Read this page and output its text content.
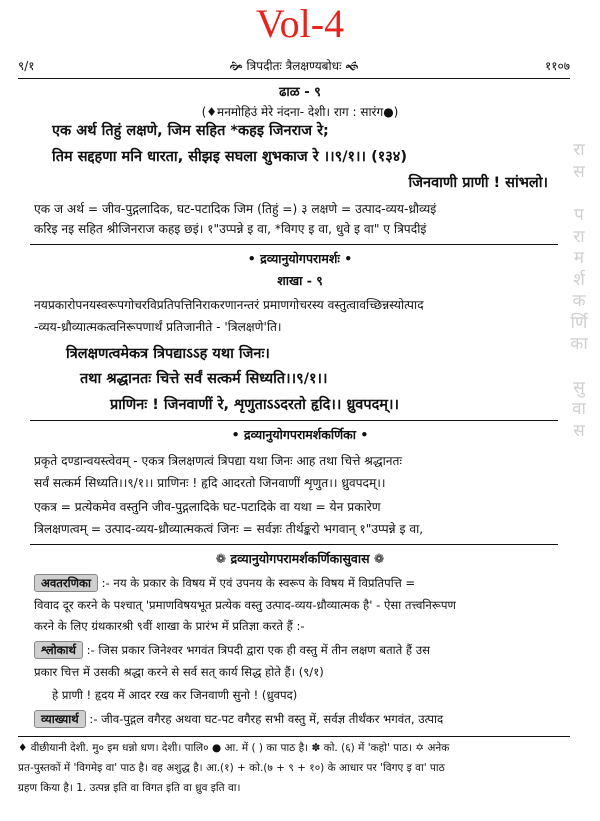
Vol-4
९/१	🙞 त्रिपदीतः त्रैलक्षण्यबोधः 🙜	११०७
ढाळ - ९
(♦मनमोहिउं मेरे नंदना- देशी। राग : सारंग●)
एक अर्थ तिहुं लक्षणे, जिम सहित *कहइ जिनराज रे;
तिम सद्दहणा मनि धारता, सीझइ सघला शुभकाज रे ।।९/१।। (१३४)
जिनवाणी प्राणी ! सांभलो।
एक ज अर्थ = जीव-पुद्गलादिक, घट-पटादिक जिम (तिहुं =) ३ लक्षणे = उत्पाद-व्यय-ध्रौव्यइं
करिइ नइ सहित श्रीजिनराज कहइ छइं। १"उप्पन्ने इ वा, *विगए इ वा, धुवे इ वा" ए त्रिपदीइं
• द्रव्यानुयोगपरामर्शः •
शाखा - ९
नयप्रकारोपनयस्वरूपगोचरविप्रतिपत्तिनिराकरणानन्तरं प्रमाणगोचरस्य वस्तुत्वावच्छिन्नस्योत्पाद
-व्यय-ध्रौव्यात्मकत्वनिरूपणार्थं प्रतिजानीते - 'त्रिलक्षणे'ति।
त्रिलक्षणत्वमेकत्र त्रिपद्याऽऽह यथा जिनः।
तथा श्रद्धानतः चित्ते सर्वं सत्कर्म सिध्यति।।९/१।।
प्राणिनः ! जिनवाणीं रे, शृणुताऽऽदरतो हृदि।। ध्रुवपदम्।।
• द्रव्यानुयोगपरामर्शकर्णिका •
प्रकृते दण्डान्वयस्त्वेवम् - एकत्र त्रिलक्षणत्वं त्रिपद्या यथा जिनः आह तथा चित्ते श्रद्धानतः
सर्वं सत्कर्म सिध्यति।।९/१।। प्राणिनः ! हृदि आदरतो जिनवाणीं शृणुत।। ध्रुवपदम्।।
एकत्र = प्रत्येकमेव वस्तुनि जीव-पुद्गलादिके घट-पटादिके वा यथा = येन प्रकारेण
त्रिलक्षणत्वम् = उत्पाद-व्यय-ध्रौव्यात्मकत्वं जिनः = सर्वज्ञः तीर्थङ्करो भगवान् १"उप्पन्ने इ वा,
❁ द्रव्यानुयोगपरामर्शकर्णिकासुवास ❁
अवतरणिका :- नय के प्रकार के विषय में एवं उपनय के स्वरूप के विषय में विप्रतिपत्ति =
विवाद दूर करने के पश्चात् 'प्रमाणविषयभूत प्रत्येक वस्तु उत्पाद-व्यय-ध्रौव्यात्मक है' - ऐसा तत्त्वनिरूपण
करने के लिए ग्रंथकारश्री ९वीं शाखा के प्रारंभ में प्रतिज्ञा करते हैं :-
श्लोकार्थ :- जिस प्रकार जिनेश्वर भगवंत त्रिपदी द्वारा एक ही वस्तु में तीन लक्षण बताते हैं उस
प्रकार चित्त में उसकी श्रद्धा करने से सर्व सत् कार्य सिद्ध होते हैं। (९/१)
हे प्राणी ! हृदय में आदर रख कर जिनवाणी सुनो ! (ध्रुवपद)
व्याख्यार्थ :- जीव-पुद्गल वगैरह अथवा घट-पट वगैरह सभी वस्तु में, सर्वज्ञ तीर्थंकर भगवंत, उत्पाद
♦ वीछीयानी देशी. मु० इम धन्नो धण। देशी। पालि० ● आ. में ( ) का पाठ है। ✽ को. (६) में 'कहो' पाठ। ✡ अनेक
प्रत-पुस्तकों में 'विगमेइ वा' पाठ है। वह अशुद्ध है। आ.(१) + को.(७ + ९ + १०) के आधार पर 'विगए इ वा' पाठ
ग्रहण किया है। 1. उत्पन्न इति वा विगत इति वा ध्रुव इति वा।
रा
स
प
रा
म
र्श
क
र्णि
का
सु
वा
स
